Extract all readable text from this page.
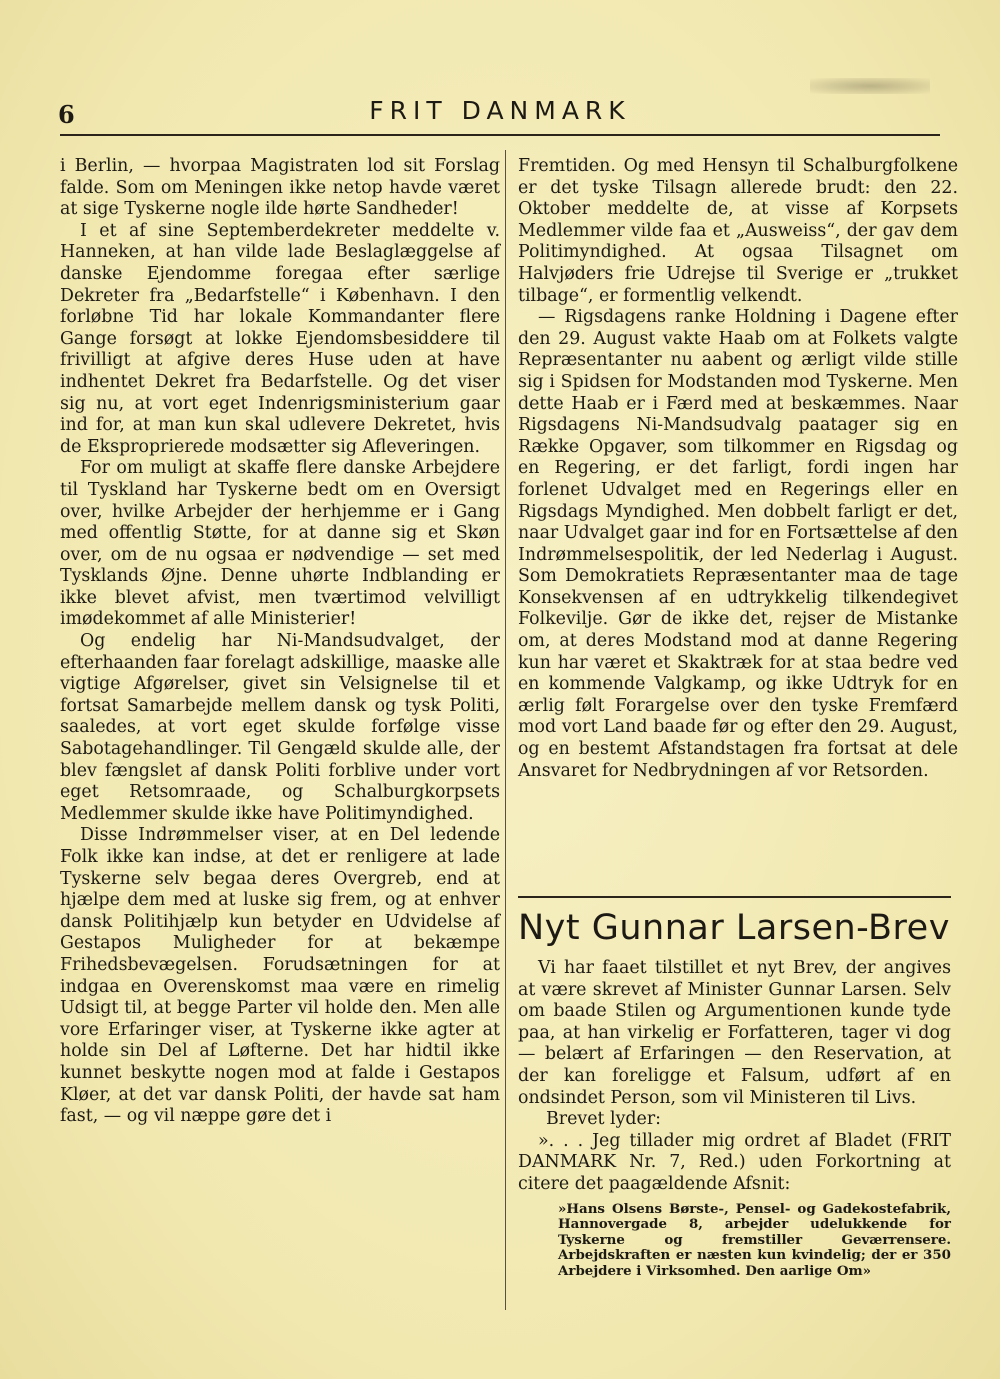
6	FRIT DANMARK

i Berlin, — hvorpaa Magistraten lod sit Forslag falde. Som om Meningen ikke netop havde været at sige Tyskerne nogle ilde hørte Sandheder!

I et af sine Septemberdekreter meddelte v. Hanneken, at han vilde lade Beslaglæggelse af danske Ejendomme foregaa efter særlige Dekreter fra „Bedarfstelle“ i København. I den forløbne Tid har lokale Kommandanter flere Gange forsøgt at lokke Ejendomsbesiddere til frivilligt at afgive deres Huse uden at have indhentet Dekret fra Bedarfstelle. Og det viser sig nu, at vort eget Indenrigsministerium gaar ind for, at man kun skal udlevere Dekretet, hvis de Eksproprierede modsætter sig Afleveringen.

For om muligt at skaffe flere danske Arbejdere til Tyskland har Tyskerne bedt om en Oversigt over, hvilke Arbejder der herhjemme er i Gang med offentlig Støtte, for at danne sig et Skøn over, om de nu ogsaa er nødvendige — set med Tysklands Øjne. Denne uhørte Indblanding er ikke blevet afvist, men tværtimod velvilligt imødekommet af alle Ministerier!

Og endelig har Ni-Mandsudvalget, der efterhaanden faar forelagt adskillige, maaske alle vigtige Afgørelser, givet sin Velsignelse til et fortsat Samarbejde mellem dansk og tysk Politi, saaledes, at vort eget skulde forfølge visse Sabotagehandlinger. Til Gengæld skulde alle, der blev fængslet af dansk Politi forblive under vort eget Retsomraade, og Schalburgkorpsets Medlemmer skulde ikke have Politimyndighed.

Disse Indrømmelser viser, at en Del ledende Folk ikke kan indse, at det er renligere at lade Tyskerne selv begaa deres Overgreb, end at hjælpe dem med at luske sig frem, og at enhver dansk Politihjælp kun betyder en Udvidelse af Gestapos Muligheder for at bekæmpe Frihedsbevægelsen. Forudsætningen for at indgaa en Overenskomst maa være en rimelig Udsigt til, at begge Parter vil holde den. Men alle vore Erfaringer viser, at Tyskerne ikke agter at holde sin Del af Løfterne. Det har hidtil ikke kunnet beskytte nogen mod at falde i Gestapos Kløer, at det var dansk Politi, der havde sat ham fast, — og vil næppe gøre det i

Fremtiden. Og med Hensyn til Schalburgfolkene er det tyske Tilsagn allerede brudt: den 22. Oktober meddelte de, at visse af Korpsets Medlemmer vilde faa et „Ausweiss“, der gav dem Politimyndighed. At ogsaa Tilsagnet om Halvjøders frie Udrejse til Sverige er „trukket tilbage“, er formentlig velkendt.

— Rigsdagens ranke Holdning i Dagene efter den 29. August vakte Haab om at Folkets valgte Repræsentanter nu aabent og ærligt vilde stille sig i Spidsen for Modstanden mod Tyskerne. Men dette Haab er i Færd med at beskæmmes. Naar Rigsdagens Ni-Mandsudvalg paatager sig en Række Opgaver, som tilkommer en Rigsdag og en Regering, er det farligt, fordi ingen har forlenet Udvalget med en Regerings eller en Rigsdags Myndighed. Men dobbelt farligt er det, naar Udvalget gaar ind for en Fortsættelse af den Indrømmelsespolitik, der led Nederlag i August. Som Demokratiets Repræsentanter maa de tage Konsekvensen af en udtrykkelig tilkendegivet Folkevilje. Gør de ikke det, rejser de Mistanke om, at deres Modstand mod at danne Regering kun har været et Skaktræk for at staa bedre ved en kommende Valgkamp, og ikke Udtryk for en ærlig følt Forargelse over den tyske Fremfærd mod vort Land baade før og efter den 29. August, og en bestemt Afstandstagen fra fortsat at dele Ansvaret for Nedbrydningen af vor Retsorden.

Nyt Gunnar Larsen-Brev

Vi har faaet tilstillet et nyt Brev, der angives at være skrevet af Minister Gunnar Larsen. Selv om baade Stilen og Argumentionen kunde tyde paa, at han virkelig er Forfatteren, tager vi dog — belært af Erfaringen — den Reservation, at der kan foreligge et Falsum, udført af en ondsindet Person, som vil Ministeren til Livs.

Brevet lyder:

». . . Jeg tillader mig ordret af Bladet (FRIT DANMARK Nr. 7, Red.) uden Forkortning at citere det paagældende Afsnit:

»Hans Olsens Børste-, Pensel- og Gadekostefabrik, Hannovergade 8, arbejder udelukkende for Tyskerne og fremstiller Geværrensere. Arbejdskraften er næsten kun kvindelig; der er 350 Arbejdere i Virksomhed. Den aarlige Om»
